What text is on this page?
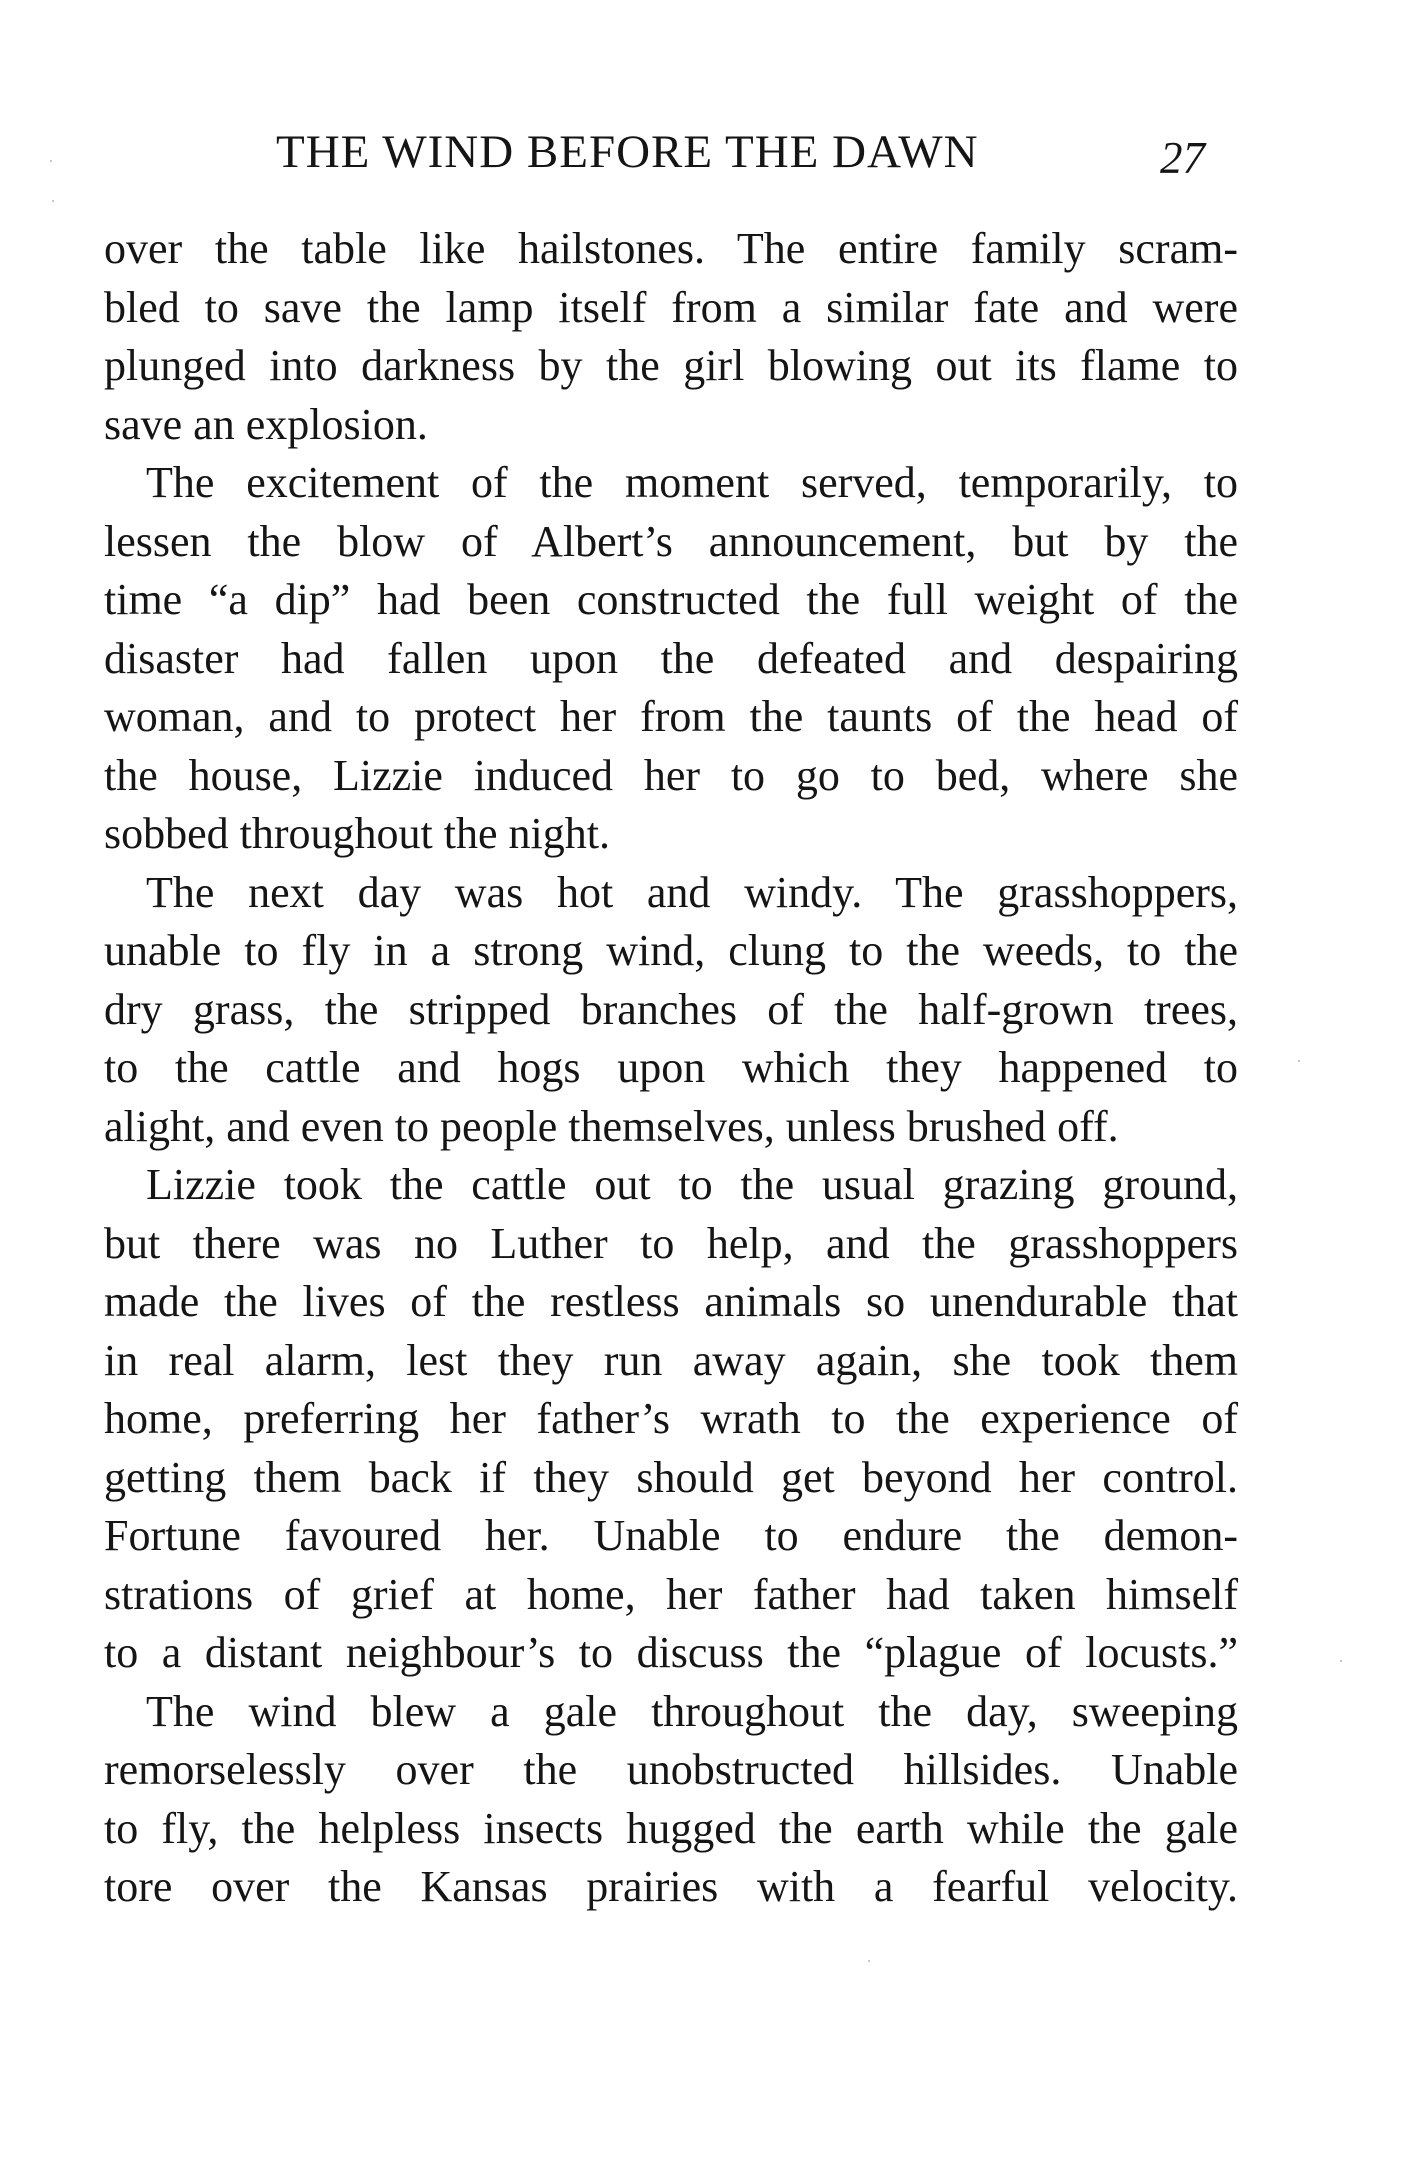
THE WIND BEFORE THE DAWN	27
over the table like hailstones. The entire family scram-
bled to save the lamp itself from a similar fate and were
plunged into darkness by the girl blowing out its flame to
save an explosion.
The excitement of the moment served, temporarily, to
lessen the blow of Albert’s announcement, but by the
time “a dip” had been constructed the full weight of the
disaster had fallen upon the defeated and despairing
woman, and to protect her from the taunts of the head of
the house, Lizzie induced her to go to bed, where she
sobbed throughout the night.
The next day was hot and windy. The grasshoppers,
unable to fly in a strong wind, clung to the weeds, to the
dry grass, the stripped branches of the half-grown trees,
to the cattle and hogs upon which they happened to
alight, and even to people themselves, unless brushed off.
Lizzie took the cattle out to the usual grazing ground,
but there was no Luther to help, and the grasshoppers
made the lives of the restless animals so unendurable that
in real alarm, lest they run away again, she took them
home, preferring her father’s wrath to the experience of
getting them back if they should get beyond her control.
Fortune favoured her. Unable to endure the demon-
strations of grief at home, her father had taken himself
to a distant neighbour’s to discuss the “plague of locusts.”
The wind blew a gale throughout the day, sweeping
remorselessly over the unobstructed hillsides. Unable
to fly, the helpless insects hugged the earth while the gale
tore over the Kansas prairies with a fearful velocity.
